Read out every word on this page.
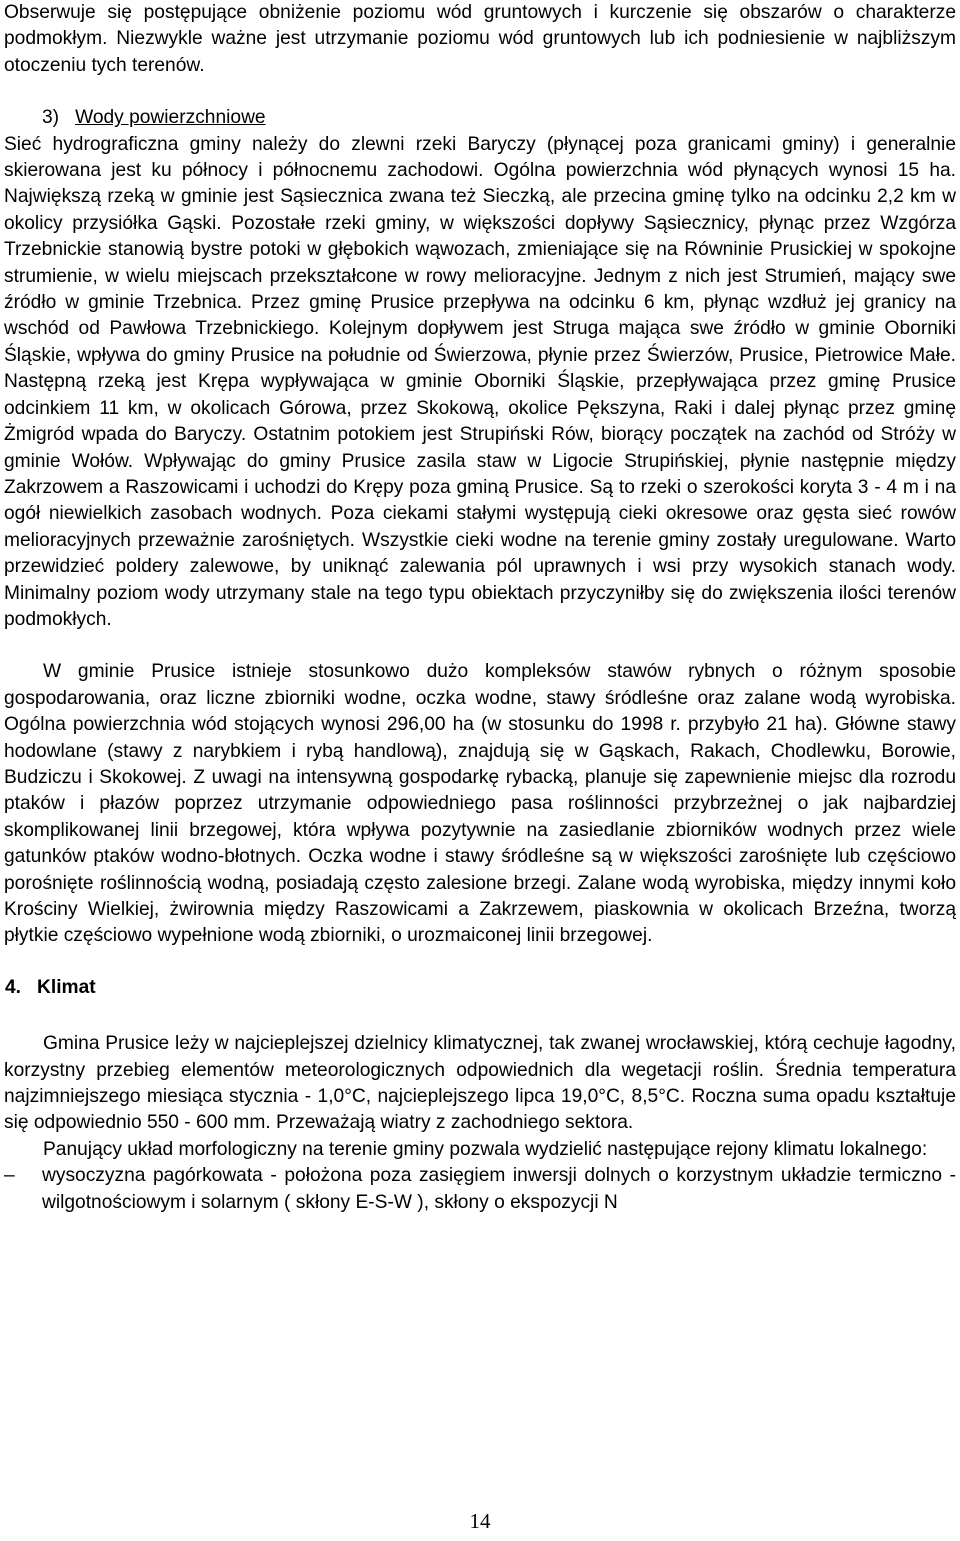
Obserwuje się postępujące obniżenie poziomu wód gruntowych i kurczenie się obszarów o charakterze podmokłym. Niezwykle ważne jest utrzymanie poziomu wód gruntowych lub ich podniesienie w najbliższym otoczeniu tych terenów.

3) Wody powierzchniowe

Sieć hydrograficzna gminy należy do zlewni rzeki Baryczy (płynącej poza granicami gminy) i generalnie skierowana jest ku północy i północnemu zachodowi. Ogólna powierzchnia wód płynących wynosi 15 ha. Największą rzeką w gminie jest Sąsiecznica zwana też Sieczką, ale przecina gminę tylko na odcinku 2,2 km w okolicy przysiółka Gąski. Pozostałe rzeki gminy, w większości dopływy Sąsiecznicy, płynąc przez Wzgórza Trzebnickie stanowią bystre potoki w głębokich wąwozach, zmieniające się na Równinie Prusickiej w spokojne strumienie, w wielu miejscach przekształcone w rowy melioracyjne. Jednym z nich jest Strumień, mający swe źródło w gminie Trzebnica. Przez gminę Prusice przepływa na odcinku 6 km, płynąc wzdłuż jej granicy na wschód od Pawłowa Trzebnickiego. Kolejnym dopływem jest Struga mająca swe źródło w gminie Oborniki Śląskie, wpływa do gminy Prusice na południe od Świerzowa, płynie przez Świerzów, Prusice, Pietrowice Małe. Następną rzeką jest Krępa wypływająca w gminie Oborniki Śląskie, przepływająca przez gminę Prusice odcinkiem 11 km, w okolicach Górowa, przez Skokową, okolice Pększyna, Raki i dalej płynąc przez gminę Żmigród wpada do Baryczy. Ostatnim potokiem jest Strupiński Rów, biorący początek na zachód od Stróży w gminie Wołów. Wpływając do gminy Prusice zasila staw w Ligocie Strupińskiej, płynie następnie między Zakrzowem a Raszowicami i uchodzi do Krępy poza gminą Prusice. Są to rzeki o szerokości koryta 3 - 4 m i na ogół niewielkich zasobach wodnych. Poza ciekami stałymi występują cieki okresowe oraz gęsta sieć rowów melioracyjnych przeważnie zarośniętych. Wszystkie cieki wodne na terenie gminy zostały uregulowane. Warto przewidzieć poldery zalewowe, by uniknąć zalewania pól uprawnych i wsi przy wysokich stanach wody. Minimalny poziom wody utrzymany stale na tego typu obiektach przyczyniłby się do zwiększenia ilości terenów podmokłych.

W gminie Prusice istnieje stosunkowo dużo kompleksów stawów rybnych o różnym sposobie gospodarowania, oraz liczne zbiorniki wodne, oczka wodne, stawy śródleśne oraz zalane wodą wyrobiska. Ogólna powierzchnia wód stojących wynosi 296,00 ha (w stosunku do 1998 r. przybyło 21 ha). Główne stawy hodowlane (stawy z narybkiem i rybą handlową), znajdują się w Gąskach, Rakach, Chodlewku, Borowie, Budziczu i Skokowej. Z uwagi na intensywną gospodarkę rybacką, planuje się zapewnienie miejsc dla rozrodu ptaków i płazów poprzez utrzymanie odpowiedniego pasa roślinności przybrzeżnej o jak najbardziej skomplikowanej linii brzegowej, która wpływa pozytywnie na zasiedlanie zbiorników wodnych przez wiele gatunków ptaków wodno-błotnych. Oczka wodne i stawy śródleśne są w większości zarośnięte lub częściowo porośnięte roślinnością wodną, posiadają często zalesione brzegi. Zalane wodą wyrobiska, między innymi koło Krościny Wielkiej, żwirownia między Raszowicami a Zakrzewem, piaskownia w okolicach Brzeźna, tworzą płytkie częściowo wypełnione wodą zbiorniki, o urozmaiconej linii brzegowej.

4. Klimat

Gmina Prusice leży w najcieplejszej dzielnicy klimatycznej, tak zwanej wrocławskiej, którą cechuje łagodny, korzystny przebieg elementów meteorologicznych odpowiednich dla wegetacji roślin. Średnia temperatura najzimniejszego miesiąca stycznia - 1,0°C, najcieplejszego lipca 19,0°C, 8,5°C. Roczna suma opadu kształtuje się odpowiednio 550 - 600 mm. Przeważają wiatry z zachodniego sektora.

Panujący układ morfologiczny na terenie gminy pozwala wydzielić następujące rejony klimatu lokalnego:

– wysoczyzna pagórkowata - położona poza zasięgiem inwersji dolnych o korzystnym układzie termiczno - wilgotnościowym i solarnym ( skłony E-S-W ), skłony o ekspozycji N
14
